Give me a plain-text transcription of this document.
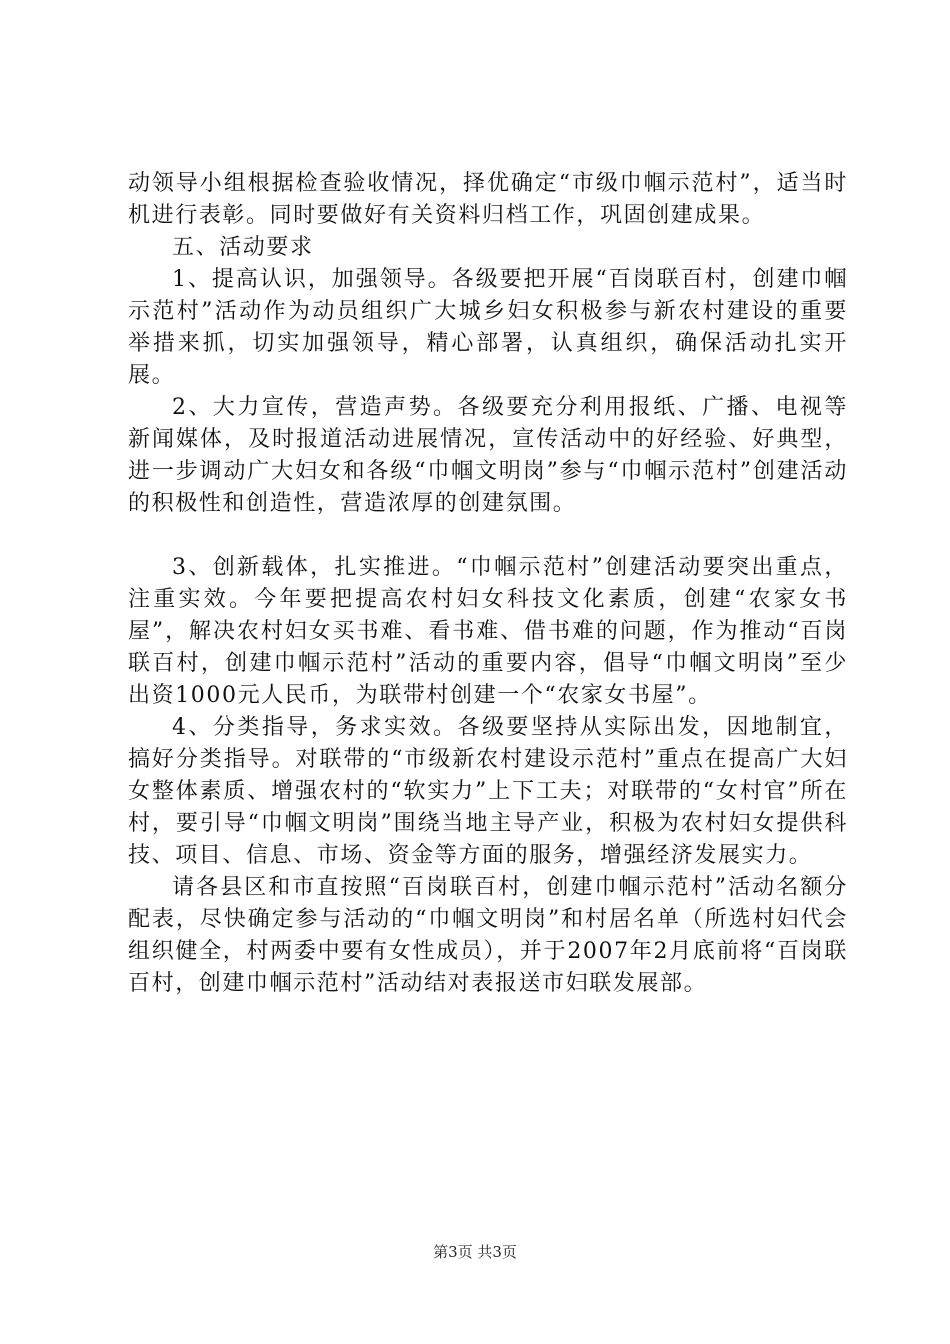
动领导小组根据检查验收情况，择优确定“市级巾帼示范村”，适当时机进行表彰。同时要做好有关资料归档工作，巩固创建成果。

五、活动要求

1、提高认识，加强领导。各级要把开展“百岗联百村，创建巾帼示范村”活动作为动员组织广大城乡妇女积极参与新农村建设的重要举措来抓，切实加强领导，精心部署，认真组织，确保活动扎实开展。

2、大力宣传，营造声势。各级要充分利用报纸、广播、电视等新闻媒体，及时报道活动进展情况，宣传活动中的好经验、好典型，进一步调动广大妇女和各级“巾帼文明岗”参与“巾帼示范村”创建活动的积极性和创造性，营造浓厚的创建氛围。

3、创新载体，扎实推进。“巾帼示范村”创建活动要突出重点，注重实效。今年要把提高农村妇女科技文化素质，创建“农家女书屋”，解决农村妇女买书难、看书难、借书难的问题，作为推动“百岗联百村，创建巾帼示范村”活动的重要内容，倡导“巾帼文明岗”至少出资1000元人民币，为联带村创建一个“农家女书屋”。

4、分类指导，务求实效。各级要坚持从实际出发，因地制宜，搞好分类指导。对联带的“市级新农村建设示范村”重点在提高广大妇女整体素质、增强农村的“软实力”上下工夫；对联带的“女村官”所在村，要引导“巾帼文明岗”围绕当地主导产业，积极为农村妇女提供科技、项目、信息、市场、资金等方面的服务，增强经济发展实力。

请各县区和市直按照“百岗联百村，创建巾帼示范村”活动名额分配表，尽快确定参与活动的“巾帼文明岗”和村居名单（所选村妇代会组织健全，村两委中要有女性成员），并于2007年2月底前将“百岗联百村，创建巾帼示范村”活动结对表报送市妇联发展部。

第3页 共3页
